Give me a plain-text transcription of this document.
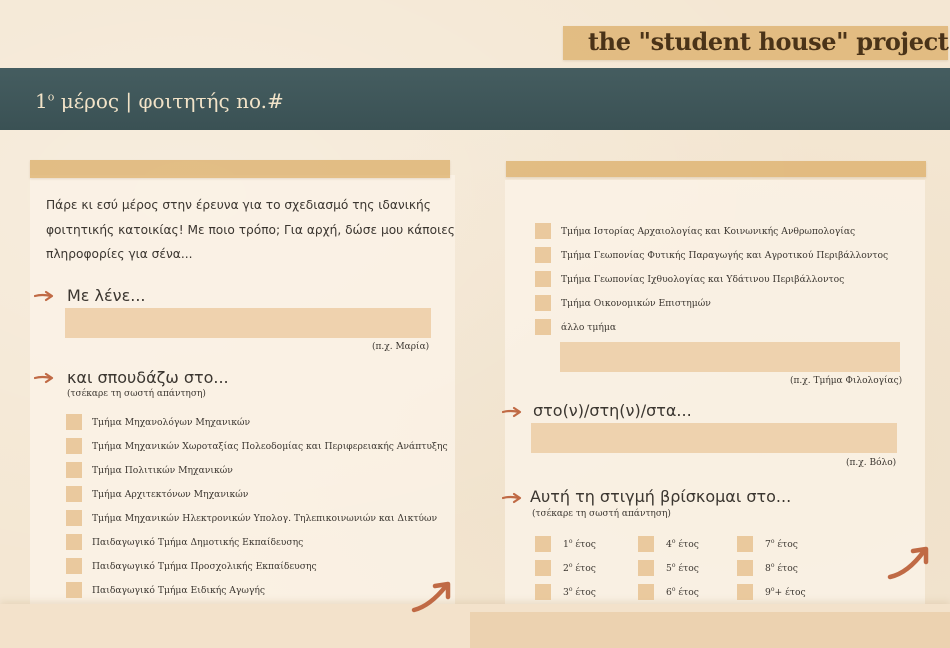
the "student house" project
$1^o$ μέρος | φοιτητής no.#
Πάρε κι εσύ μέρος στην έρευνα για το σχεδιασμό της ιδανικής φοιτητικής κατοικίας! Με ποιο τρόπο; Για αρχή, δώσε μου κάποιες πληροφορίες για σένα...
Με λένε...
(π.χ. Μαρία)
και σπουδάζω στο...
(τσέκαρε τη σωστή απάντηση)
Τμήμα Μηχανολόγων Μηχανικών
Τμήμα Μηχανικών Χωροταξίας Πολεοδομίας και Περιφερειακής Ανάπτυξης
Τμήμα Πολιτικών Μηχανικών
Τμήμα Αρχιτεκτόνων Μηχανικών
Τμήμα Μηχανικών Ηλεκτρονικών Υπολογ. Τηλεπικοινωνιών και Δικτύων
Παιδαγωγικό Τμήμα Δημοτικής Εκπαίδευσης
Παιδαγωγικό Τμήμα Προσχολικής Εκπαίδευσης
Παιδαγωγικό Τμήμα Ειδικής Αγωγής
Τμήμα Ιστορίας Αρχαιολογίας και Κοινωνικής Ανθρωπολογίας
Τμήμα Γεωπονίας Φυτικής Παραγωγής και Αγροτικού Περιβάλλοντος
Τμήμα Γεωπονίας Ιχθυολογίας και Υδάτινου Περιβάλλοντος
Τμήμα Οικονομικών Επιστημών
άλλο τμήμα
(π.χ. Τμήμα Φιλολογίας)
στο(ν)/στη(ν)/στα...
(π.χ. Βόλο)
Αυτή τη στιγμή βρίσκομαι στο...
(τσέκαρε τη σωστή απάντηση)
$1^o$ έτος	$4^o$ έτος	$7^o$ έτος
$2^o$ έτος	$5^o$ έτος	$8^o$ έτος
$3^o$ έτος	$6^o$ έτος	$9^o+ έ\tau o\varsigma$
